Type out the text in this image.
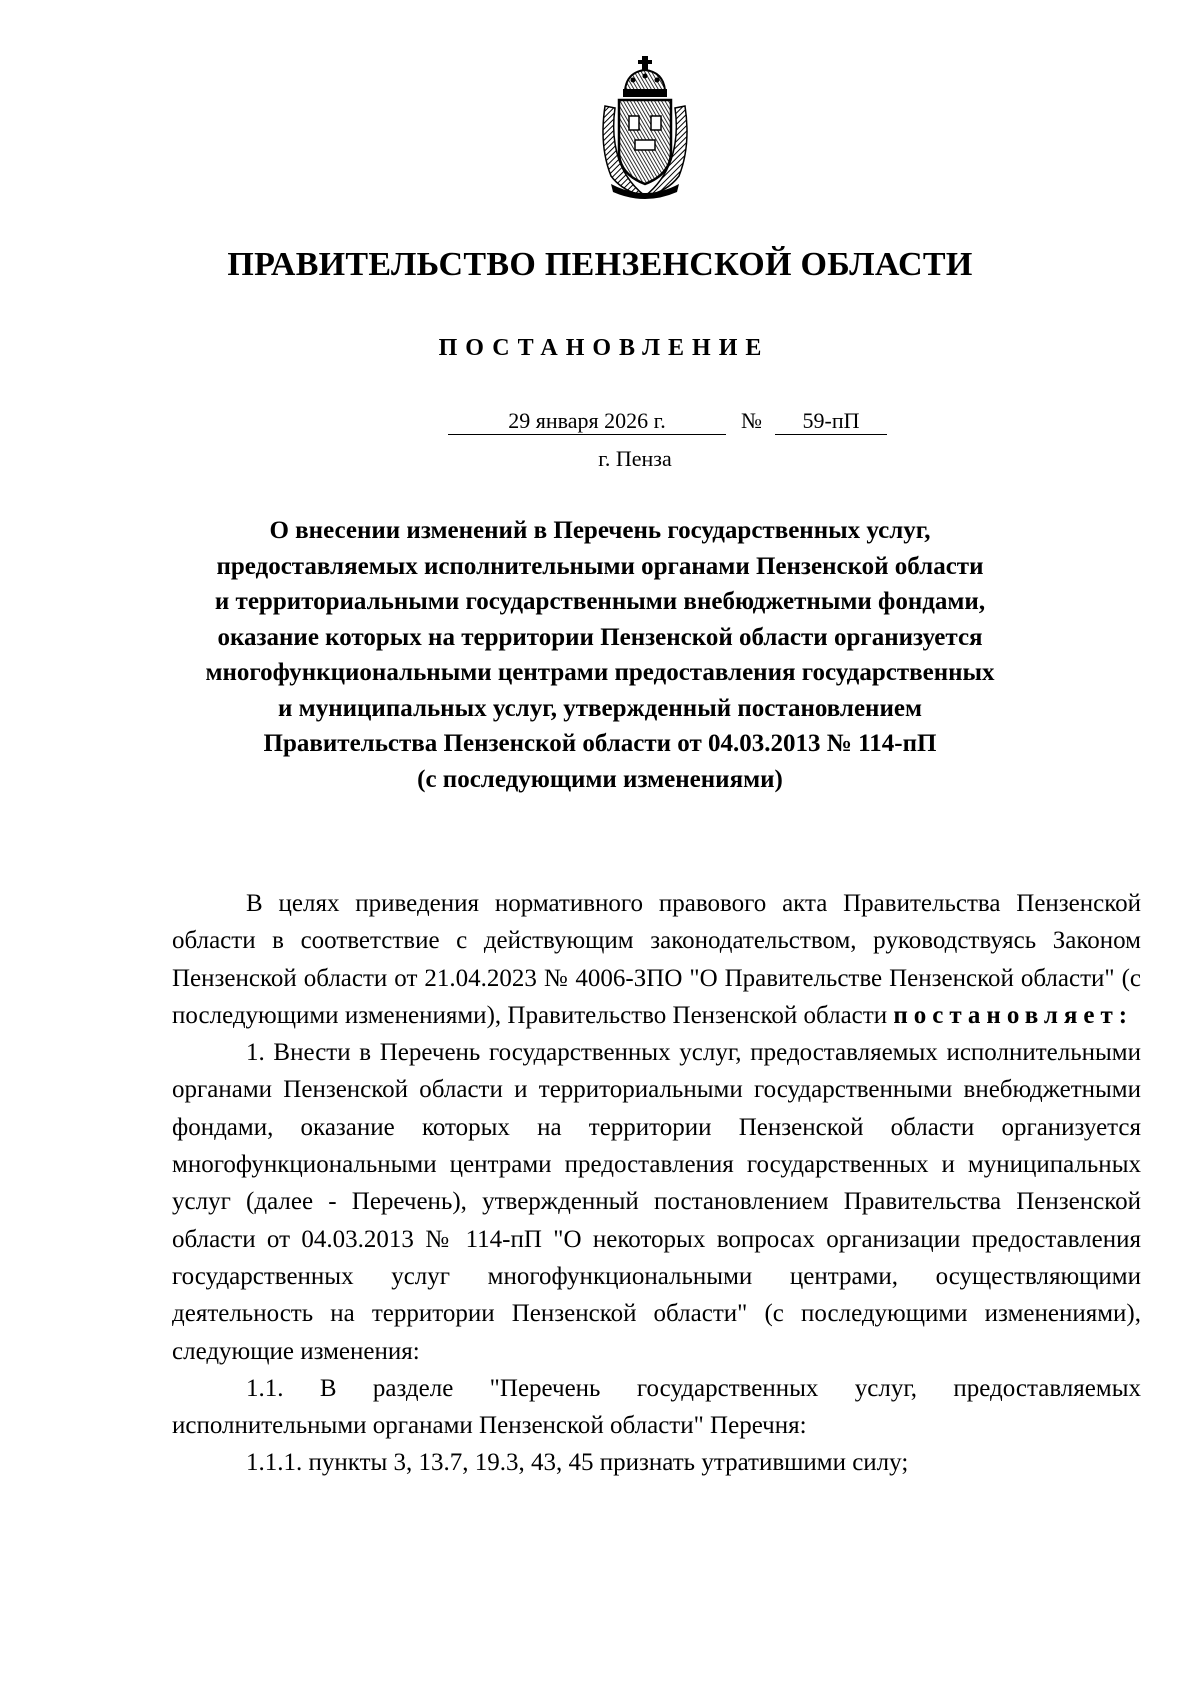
ПРАВИТЕЛЬСТВО ПЕНЗЕНСКОЙ ОБЛАСТИ
ПОСТАНОВЛЕНИЕ
29 января 2026 г.	№	59-пП
г. Пенза
О внесении изменений в Перечень государственных услуг,
предоставляемых исполнительными органами Пензенской области
и территориальными государственными внебюджетными фондами,
оказание которых на территории Пензенской области организуется
многофункциональными центрами предоставления государственных
и муниципальных услуг, утвержденный постановлением
Правительства Пензенской области от 04.03.2013 № 114-пП
(с последующими изменениями)

В целях приведения нормативного правового акта Правительства Пензенской области в соответствие с действующим законодательством, руководствуясь Законом Пензенской области от 21.04.2023 № 4006-ЗПО "О Правительстве Пензенской области" (с последующими изменениями), Правительство Пензенской области постановляет:

1. Внести в Перечень государственных услуг, предоставляемых исполнительными органами Пензенской области и территориальными государственными внебюджетными фондами, оказание которых на территории Пензенской области организуется многофункциональными центрами предоставления государственных и муниципальных услуг (далее - Перечень), утвержденный постановлением Правительства Пензенской области от 04.03.2013 № 114-пП "О некоторых вопросах организации предоставления государственных услуг многофункциональными центрами, осуществляющими деятельность на территории Пензенской области" (с последующими изменениями), следующие изменения:

1.1. В разделе "Перечень государственных услуг, предоставляемых исполнительными органами Пензенской области" Перечня:

1.1.1. пункты 3, 13.7, 19.3, 43, 45 признать утратившими силу;
